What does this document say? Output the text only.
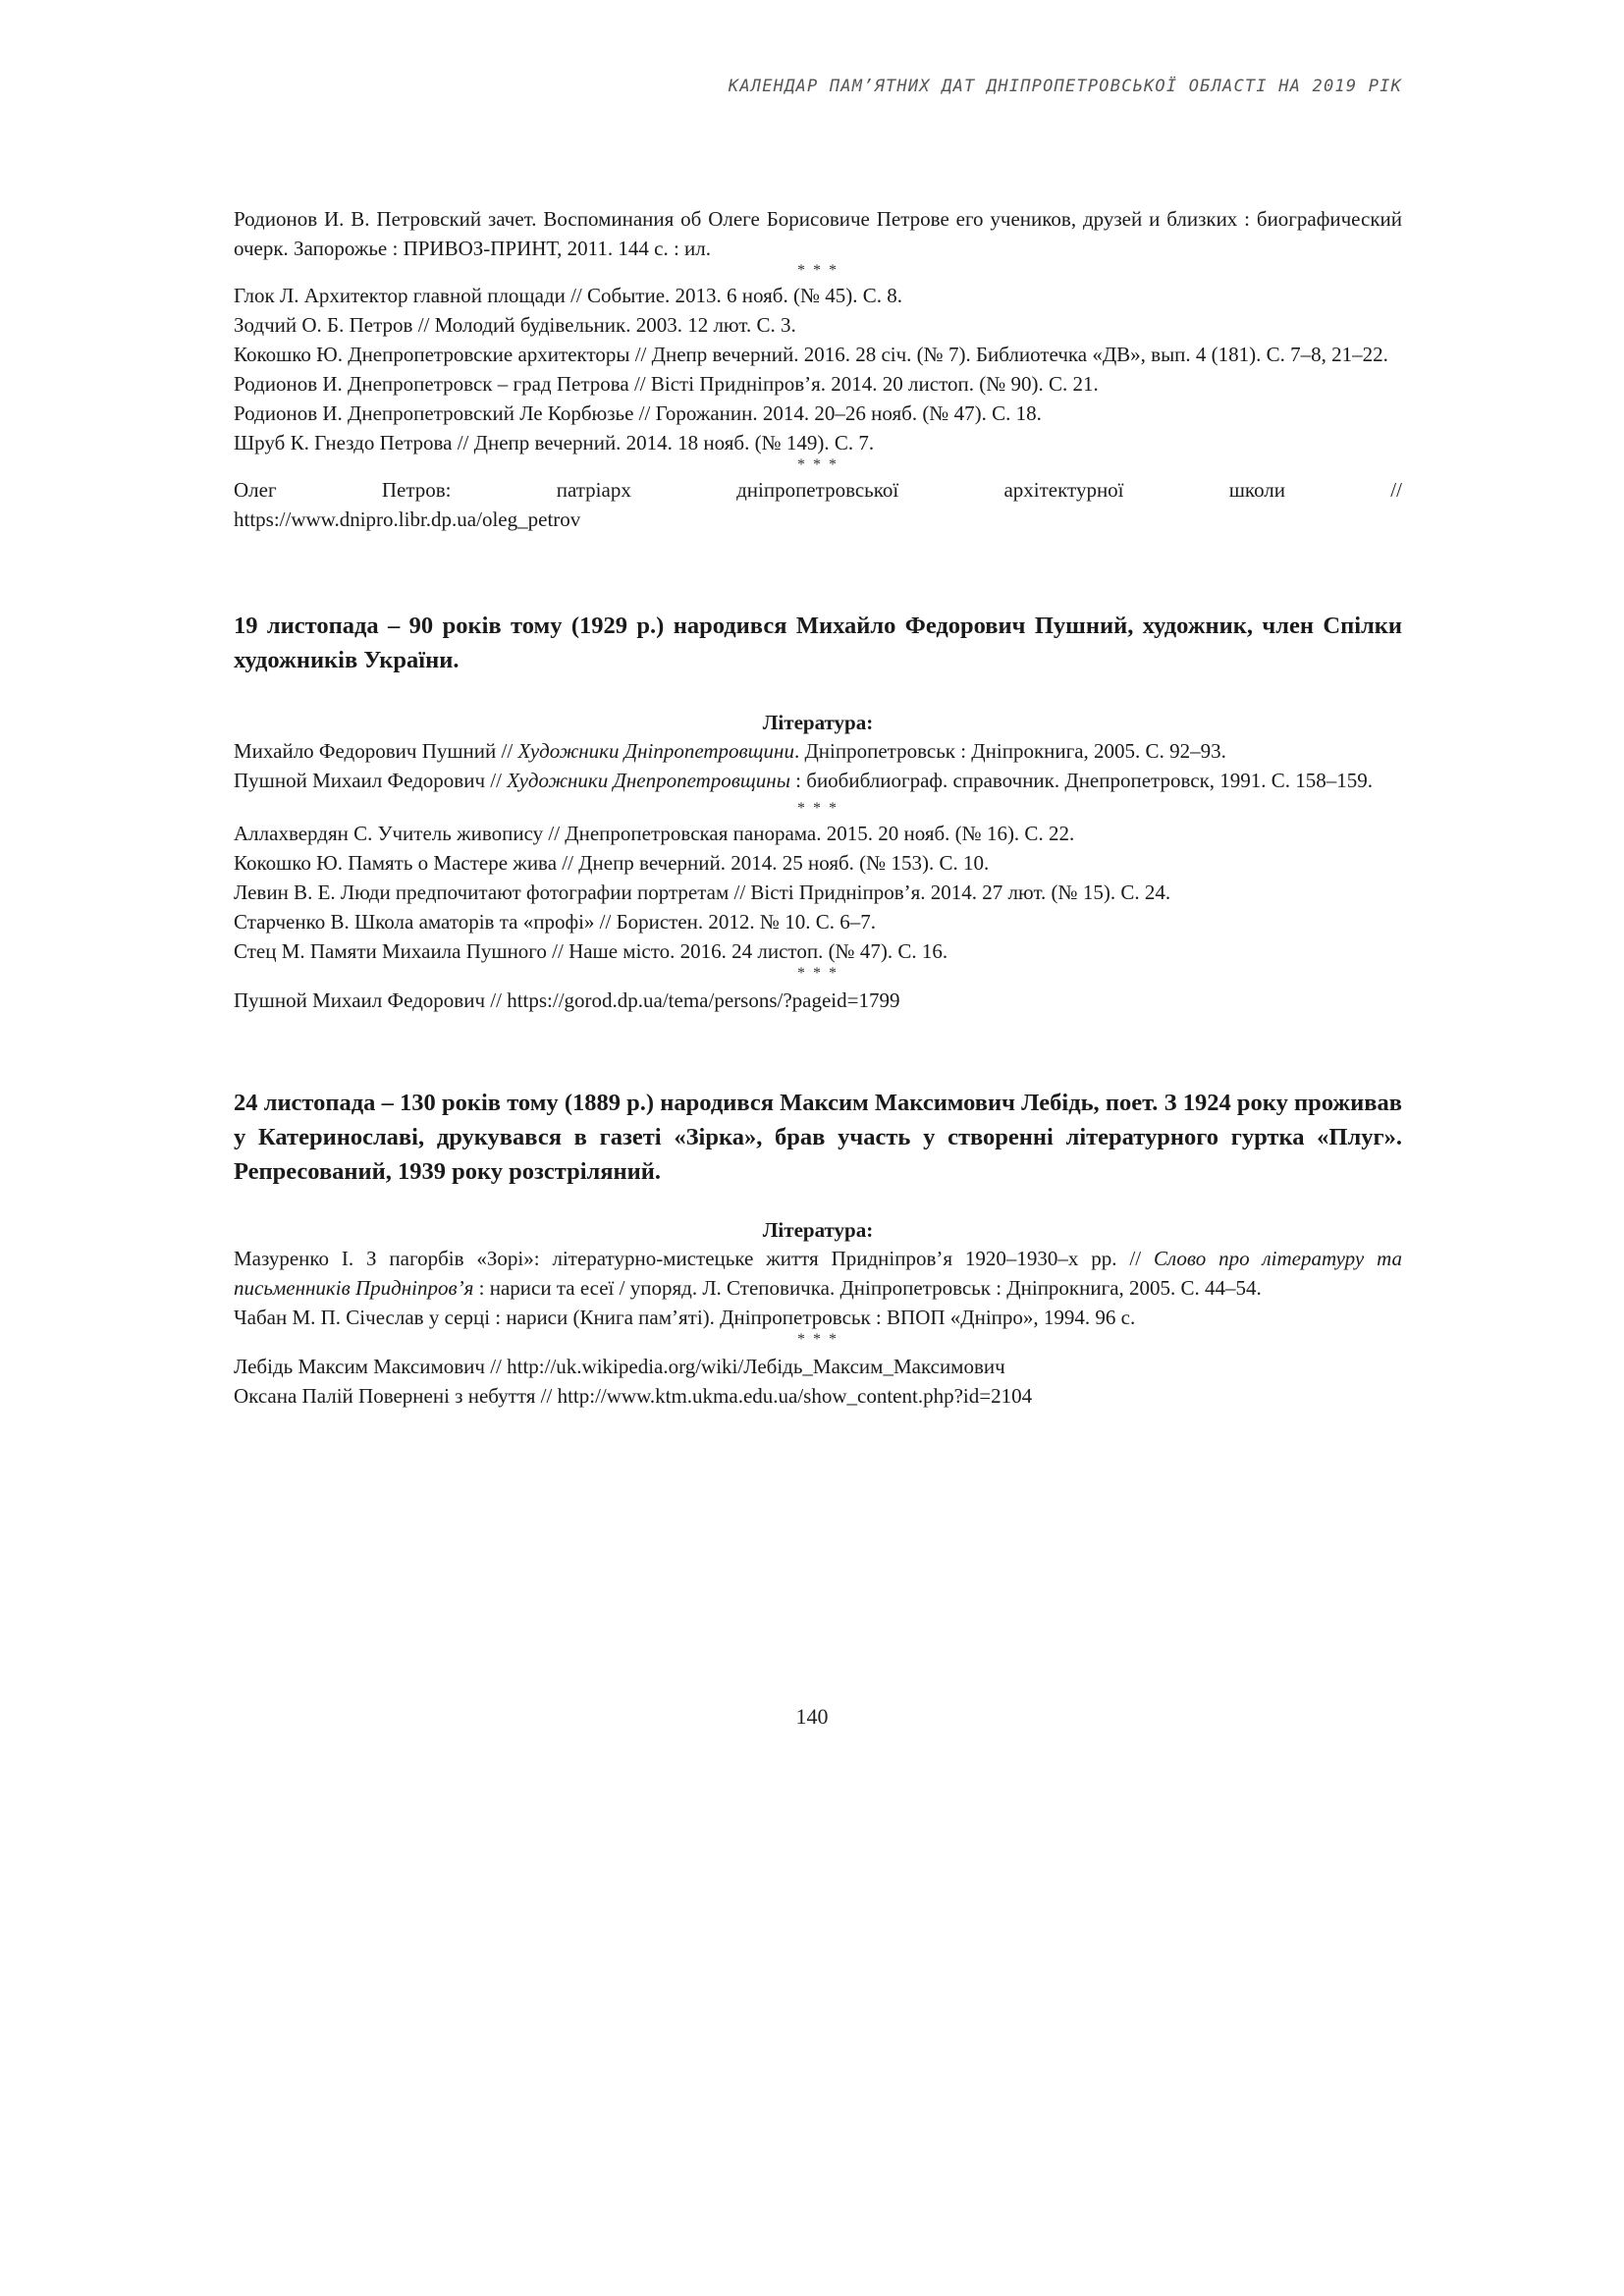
КАЛЕНДАР ПАМ’ЯТНИХ ДАТ ДНІПРОПЕТРОВСЬКОЇ ОБЛАСТІ НА 2019 РІК

Родионов И. В. Петровский зачет. Воспоминания об Олеге Борисовиче Петрове его учеников, друзей и близких : биографический очерк. Запорожье : ПРИВОЗ-ПРИНТ, 2011. 144 с. : ил.

* * *

Глок Л. Архитектор главной площади // Событие. 2013. 6 нояб. (№ 45). С. 8.

Зодчий О. Б. Петров // Молодий будівельник. 2003. 12 лют. С. 3.

Кокошко Ю. Днепропетровские архитекторы // Днепр вечерний. 2016. 28 січ. (№ 7). Библиотечка «ДВ», вып. 4 (181). С. 7–8, 21–22.

Родионов И. Днепропетровск – град Петрова // Вісті Придніпров’я. 2014. 20 листоп. (№ 90). С. 21.

Родионов И. Днепропетровский Ле Корбюзье // Горожанин. 2014. 20–26 нояб. (№ 47). С. 18.

Шруб К. Гнездо Петрова // Днепр вечерний. 2014. 18 нояб. (№ 149). С. 7.

* * *
Олег	Петров:	патріарх	дніпропетровської	архітектурної	школи	//

https://www.dnipro.libr.dp.ua/oleg_petrov

19 листопада – 90 років тому (1929 р.) народився Михайло Федорович Пушний, художник, член Спілки художників України.
Література:

Михайло Федорович Пушний // Художники Дніпропетровщини. Дніпропетровськ : Дніпрокнига, 2005. С. 92–93.

Пушной Михаил Федорович // Художники Днепропетровщины : биобиблиограф. справочник. Днепропетровск, 1991. С. 158–159.

* * *

Аллахвердян С. Учитель живопису // Днепропетровская панорама. 2015. 20 нояб. (№ 16). С. 22.

Кокошко Ю. Память о Мастере жива // Днепр вечерний. 2014. 25 нояб. (№ 153). С. 10.

Левин В. Е. Люди предпочитают фотографии портретам // Вісті Придніпров’я. 2014. 27 лют. (№ 15). С. 24.

Старченко В. Школа аматорів та «профі» // Бористен. 2012. № 10. С. 6–7.

Стец М. Памяти Михаила Пушного // Наше місто. 2016. 24 листоп. (№ 47). С. 16.

* * *

Пушной Михаил Федорович // https://gorod.dp.ua/tema/persons/?pageid=1799

24 листопада – 130 років тому (1889 р.) народився Максим Максимович Лебідь, поет. З 1924 року проживав у Катеринославі, друкувався в газеті «Зірка», брав участь у створенні літературного гуртка «Плуг». Репресований, 1939 року розстріляний.
Література:

Мазуренко І. З пагорбів «Зорі»: літературно-мистецьке життя Придніпров’я 1920–1930–х рр. // Слово про літературу та письменників Придніпров’я : нариси та есеї / упоряд. Л. Степовичка. Дніпропетровськ : Дніпрокнига, 2005. С. 44–54.

Чабан М. П. Січеслав у серці : нариси (Книга пам’яті). Дніпропетровськ : ВПОП «Дніпро», 1994. 96 с.

* * *

Лебідь Максим Максимович // http://uk.wikipedia.org/wiki/Лебідь_Максим_Максимович

Оксана Палій Повернені з небуття // http://www.ktm.ukma.edu.ua/show_content.php?id=2104

140
